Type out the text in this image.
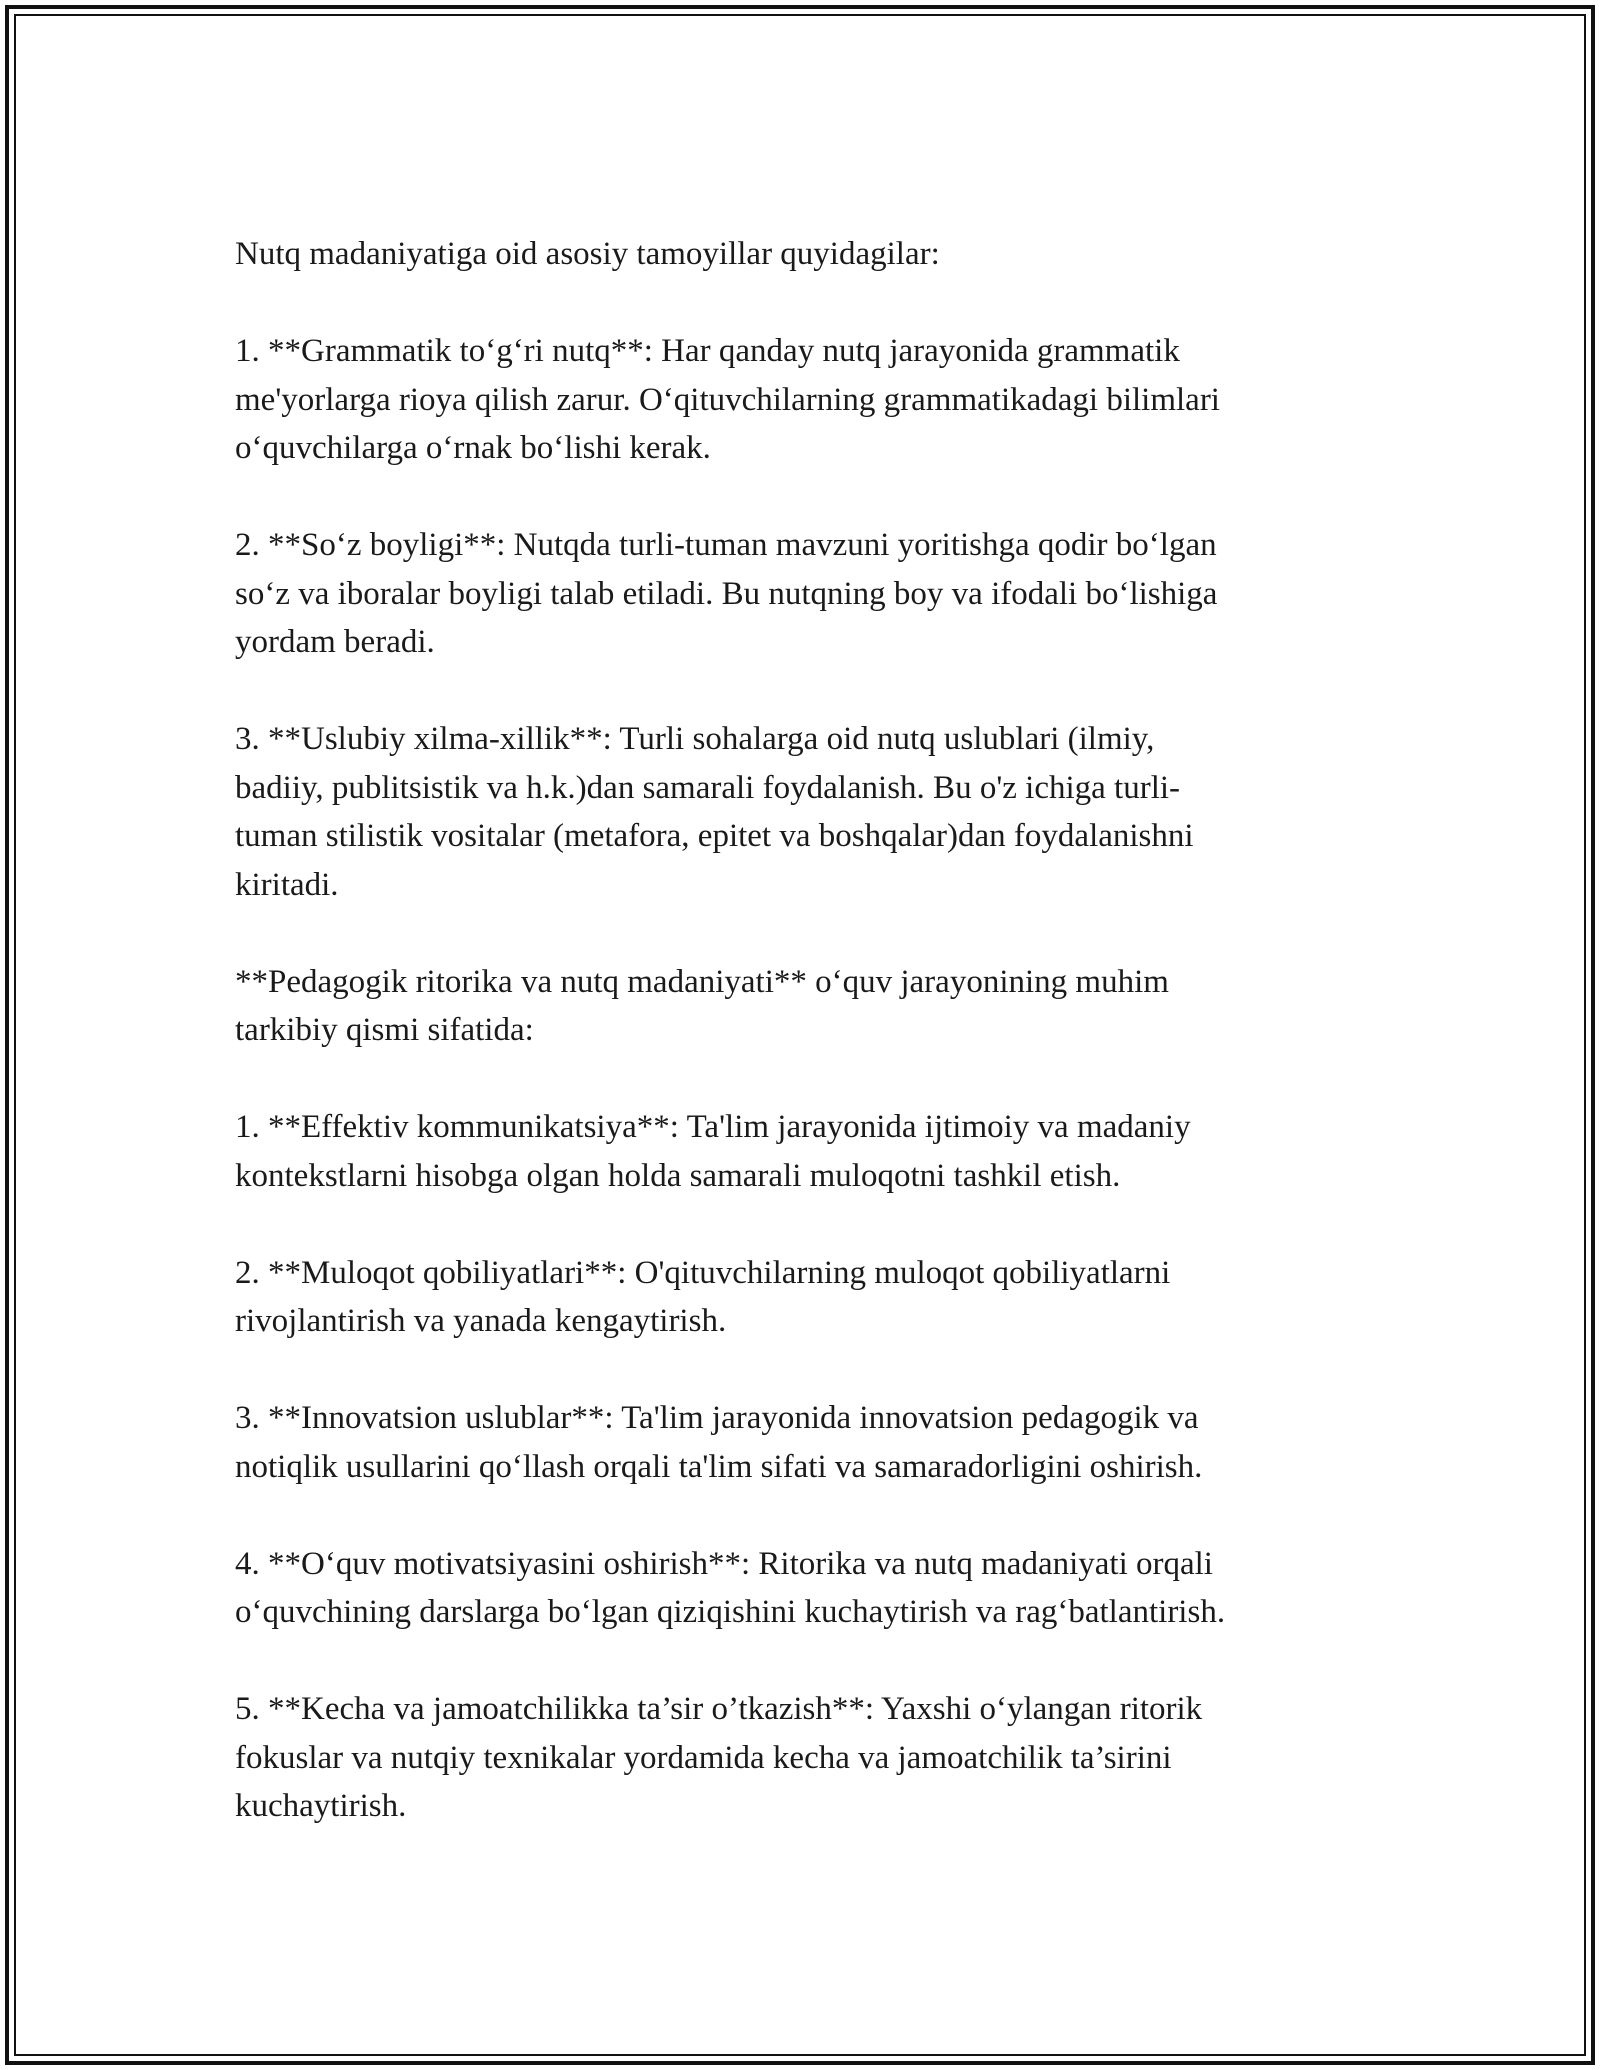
Nutq madaniyatiga oid asosiy tamoyillar quyidagilar:

1. **Grammatik to‘g‘ri nutq**: Har qanday nutq jarayonida grammatik
me'yorlarga rioya qilish zarur. O‘qituvchilarning grammatikadagi bilimlari
o‘quvchilarga o‘rnak bo‘lishi kerak.

2. **So‘z boyligi**: Nutqda turli-tuman mavzuni yoritishga qodir bo‘lgan
so‘z va iboralar boyligi talab etiladi. Bu nutqning boy va ifodali bo‘lishiga
yordam beradi.

3. **Uslubiy xilma-xillik**: Turli sohalarga oid nutq uslublari (ilmiy,
badiiy, publitsistik va h.k.)dan samarali foydalanish. Bu o'z ichiga turli-
tuman stilistik vositalar (metafora, epitet va boshqalar)dan foydalanishni
kiritadi.

**Pedagogik ritorika va nutq madaniyati** o‘quv jarayonining muhim
tarkibiy qismi sifatida:

1. **Effektiv kommunikatsiya**: Ta'lim jarayonida ijtimoiy va madaniy
kontekstlarni hisobga olgan holda samarali muloqotni tashkil etish.

2. **Muloqot qobiliyatlari**: O'qituvchilarning muloqot qobiliyatlarni
rivojlantirish va yanada kengaytirish.

3. **Innovatsion uslublar**: Ta'lim jarayonida innovatsion pedagogik va
notiqlik usullarini qo‘llash orqali ta'lim sifati va samaradorligini oshirish.

4. **O‘quv motivatsiyasini oshirish**: Ritorika va nutq madaniyati orqali
o‘quvchining darslarga bo‘lgan qiziqishini kuchaytirish va rag‘batlantirish.

5. **Kecha va jamoatchilikka ta’sir o’tkazish**: Yaxshi o‘ylangan ritorik
fokuslar va nutqiy texnikalar yordamida kecha va jamoatchilik ta’sirini
kuchaytirish.
